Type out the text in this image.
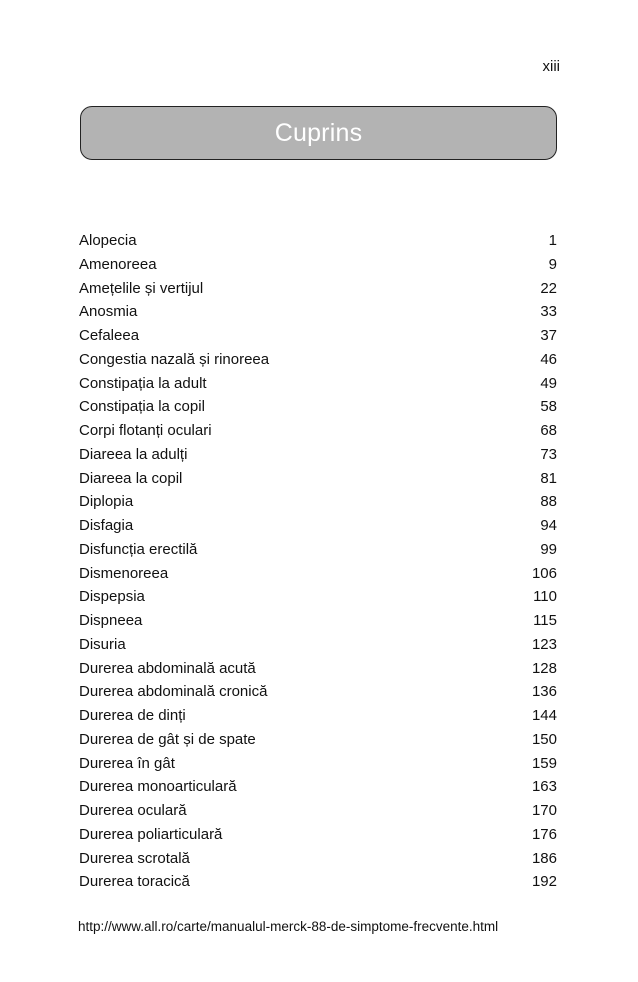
xiii
Cuprins
Alopecia	1
Amenoreea	9
Amețelile și vertijul	22
Anosmia	33
Cefaleea	37
Congestia nazală și rinoreea	46
Constipația la adult	49
Constipația la copil	58
Corpi flotanți oculari	68
Diareea la adulți	73
Diareea la copil	81
Diplopia	88
Disfagia	94
Disfuncția erectilă	99
Dismenoreea	106
Dispepsia	110
Dispneea	115
Disuria	123
Durerea abdominală acută	128
Durerea abdominală cronică	136
Durerea de dinți	144
Durerea de gât și de spate	150
Durerea în gât	159
Durerea monoarticulară	163
Durerea oculară	170
Durerea poliarticulară	176
Durerea scrotală	186
Durerea toracică	192
http://www.all.ro/carte/manualul-merck-88-de-simptome-frecvente.html
